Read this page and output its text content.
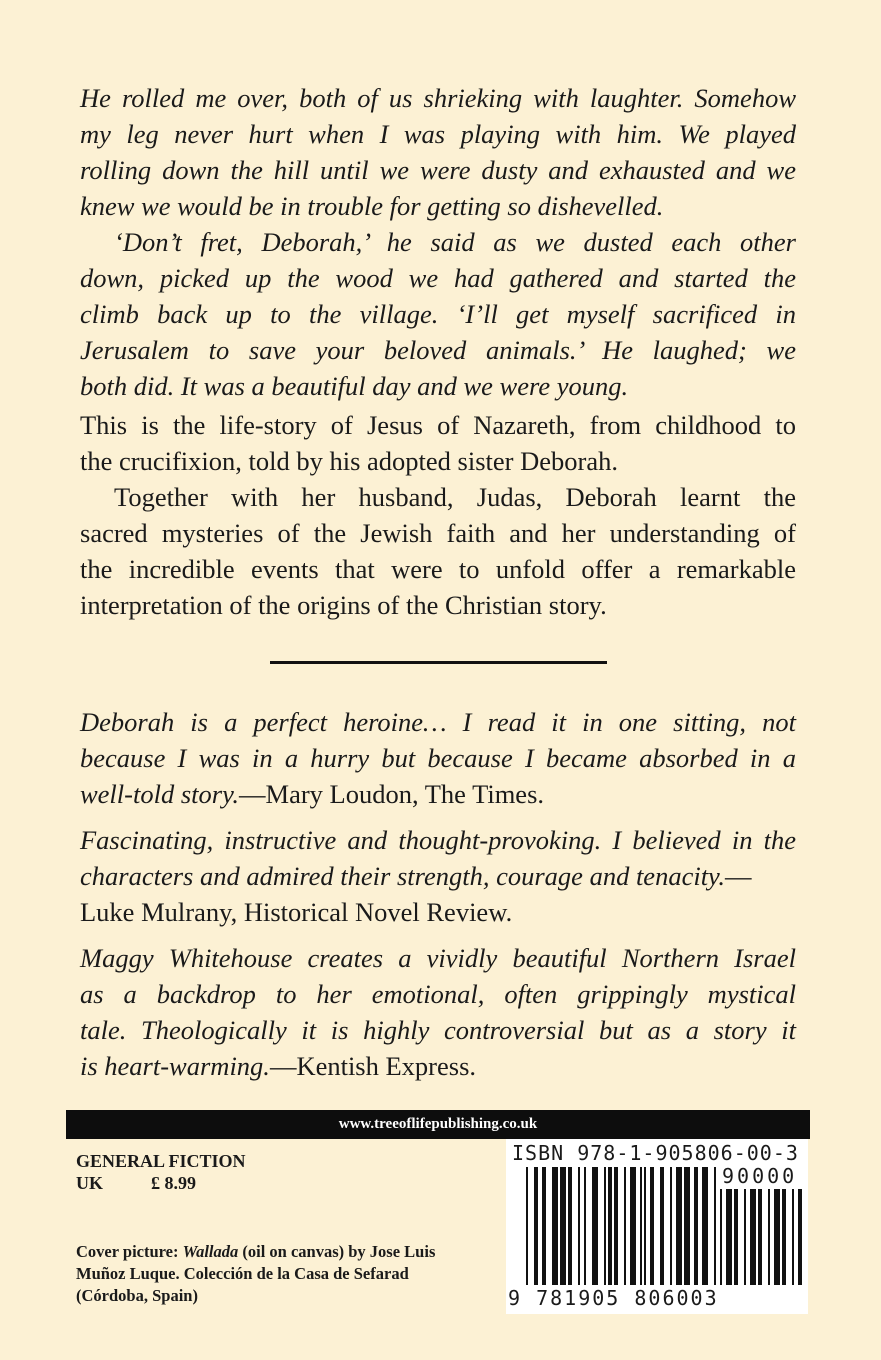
He rolled me over, both of us shrieking with laughter. Somehow
my leg never hurt when I was playing with him. We played
rolling down the hill until we were dusty and exhausted and we
knew we would be in trouble for getting so dishevelled.
‘Don’t fret, Deborah,’ he said as we dusted each other
down, picked up the wood we had gathered and started the
climb back up to the village. ‘I’ll get myself sacrificed in
Jerusalem to save your beloved animals.’ He laughed; we
both did. It was a beautiful day and we were young.
This is the life-story of Jesus of Nazareth, from childhood to
the crucifixion, told by his adopted sister Deborah.
Together with her husband, Judas, Deborah learnt the
sacred mysteries of the Jewish faith and her understanding of
the incredible events that were to unfold offer a remarkable
interpretation of the origins of the Christian story.
Deborah is a perfect heroine… I read it in one sitting, not
because I was in a hurry but because I became absorbed in a
well-told story.—Mary Loudon, The Times.
Fascinating, instructive and thought-provoking. I believed in the
characters and admired their strength, courage and tenacity.—
Luke Mulrany, Historical Novel Review.
Maggy Whitehouse creates a vividly beautiful Northern Israel
as a backdrop to her emotional, often grippingly mystical
tale. Theologically it is highly controversial but as a story it
is heart-warming.—Kentish Express.
www.treeoflifepublishing.co.uk
GENERAL FICTION
UK	£ 8.99
Cover picture: Wallada (oil on canvas) by Jose Luis
Muñoz Luque. Colección de la Casa de Sefarad
(Córdoba, Spain)
ISBN 978-1-905806-00-3
90000
9 781905 806003
